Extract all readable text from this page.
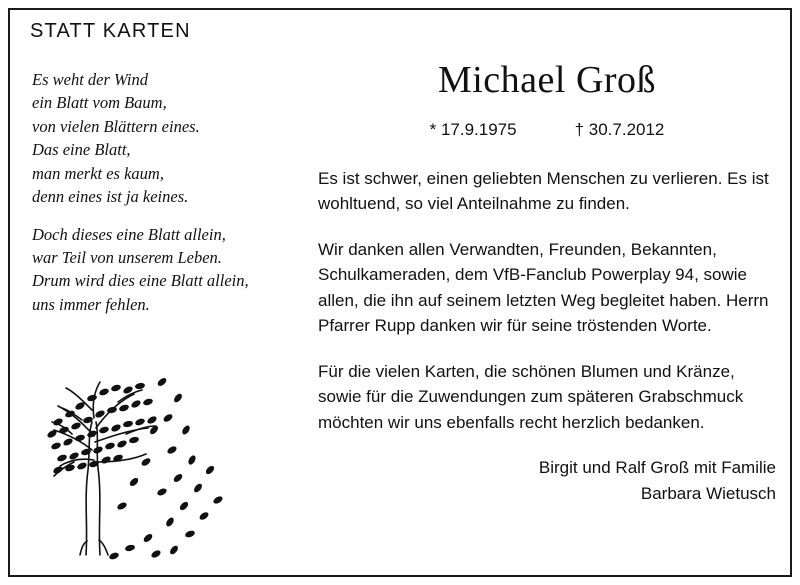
STATT KARTEN
Es weht der Wind
ein Blatt vom Baum,
von vielen Blättern eines.
Das eine Blatt,
man merkt es kaum,
denn eines ist ja keines.
Doch dieses eine Blatt allein,
war Teil von unserem Leben.
Drum wird dies eine Blatt allein,
uns immer fehlen.
Michael Groß
* 17.9.1975	† 30.7.2012

Es ist schwer, einen geliebten Menschen zu verlieren. Es ist wohltuend, so viel Anteilnahme zu finden.

Wir danken allen Verwandten, Freunden, Bekannten, Schulkameraden, dem VfB-Fanclub Powerplay 94, sowie allen, die ihn auf seinem letzten Weg begleitet haben. Herrn Pfarrer Rupp danken wir für seine tröstenden Worte.

Für die vielen Karten, die schönen Blumen und Kränze, sowie für die Zuwendungen zum späteren Grabschmuck möchten wir uns ebenfalls recht herzlich bedanken.

Birgit und Ralf Groß mit Familie
Barbara Wietusch
